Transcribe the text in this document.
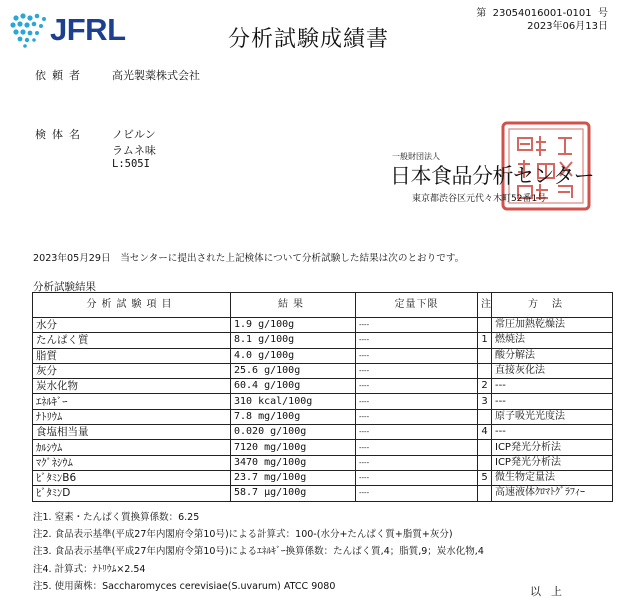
JFRL	分析試験成績書
第 23054016001-0101 号
2023年06月13日
依頼者 高光製薬株式会社
検体名 ノビルン
ラムネ味
L:505I
一般財団法人
日本食品分析センター
東京都渋谷区元代々木町52番1号
2023年05月29日　当センターに提出された上記検体について分析試験した結果は次のとおりです。
分析試験結果
分析試験項目	結果	定量下限	注	方法
水分	1.9 g/100g	----		常圧加熱乾燥法
たんぱく質	8.1 g/100g	----	1	燃焼法
脂質	4.0 g/100g	----		酸分解法
灰分	25.6 g/100g	----		直接灰化法
炭水化物	60.4 g/100g	----	2	---
ｴﾈﾙｷﾞｰ	310 kcal/100g	----	3	---
ﾅﾄﾘｳﾑ	7.8 mg/100g	----		原子吸光光度法
食塩相当量	0.020 g/100g	----	4	---
ｶﾙｼｳﾑ	7120 mg/100g	----		ICP発光分析法
ﾏｸﾞﾈｼｳﾑ	3470 mg/100g	----		ICP発光分析法
ﾋﾞﾀﾐﾝB6	23.7 mg/100g	----	5	微生物定量法
ﾋﾞﾀﾐﾝD	58.7 μg/100g	----		高速液体ｸﾛﾏﾄｸﾞﾗﾌｨｰ
注1. 窒素・たんぱく質換算係数：6.25
注2. 食品表示基準(平成27年内閣府令第10号)による計算式：100-(水分+たんぱく質+脂質+灰分)
注3. 食品表示基準(平成27年内閣府令第10号)によるｴﾈﾙｷﾞｰ換算係数：たんぱく質,4；脂質,9；炭水化物,4
注4. 計算式：ﾅﾄﾘｳﾑ×2.54
注5. 使用菌株：Saccharomyces cerevisiae(S.uvarum) ATCC 9080	以上
